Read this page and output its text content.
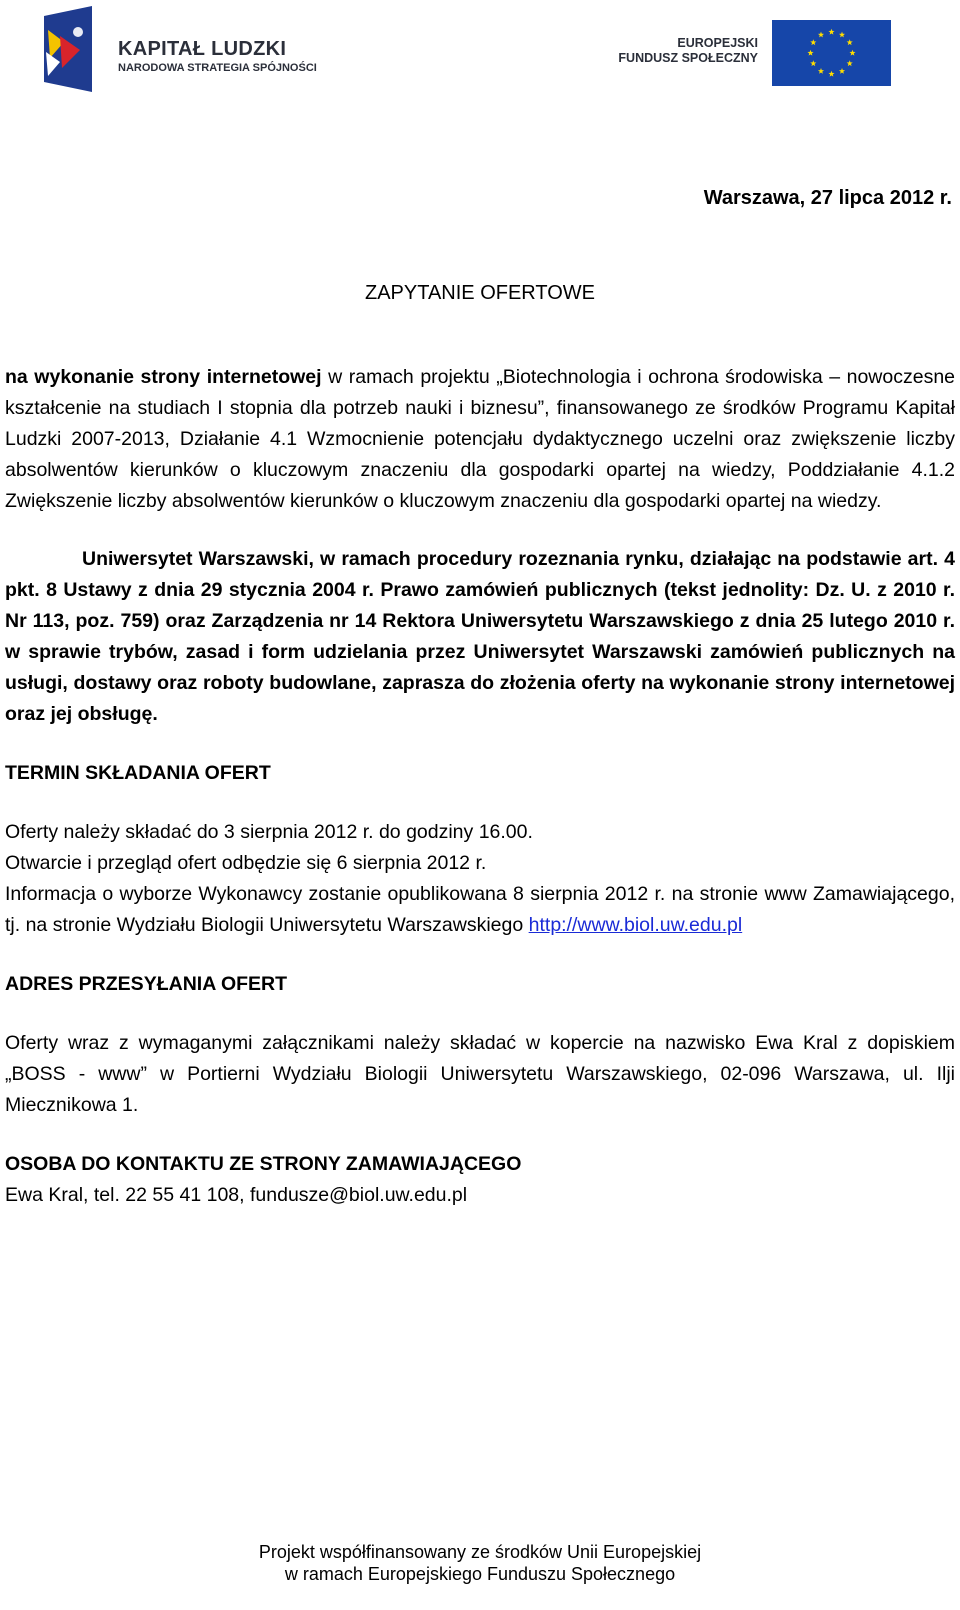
KAPITAŁ LUDZKI
NARODOWA STRATEGIA SPÓJNOŚCI
EUROPEJSKI
FUNDUSZ SPOŁECZNY
Warszawa, 27 lipca 2012 r.
ZAPYTANIE OFERTOWE

na wykonanie strony internetowej w ramach projektu „Biotechnologia i ochrona środowiska – nowoczesne kształcenie na studiach I stopnia dla potrzeb nauki i biznesu”, finansowanego ze środków Programu Kapitał Ludzki 2007-2013, Działanie 4.1 Wzmocnienie potencjału dydaktycznego uczelni oraz zwiększenie liczby absolwentów kierunków o kluczowym znaczeniu dla gospodarki opartej na wiedzy, Poddziałanie 4.1.2 Zwiększenie liczby absolwentów kierunków o kluczowym znaczeniu dla gospodarki opartej na wiedzy.

Uniwersytet Warszawski, w ramach procedury rozeznania rynku, działając na podstawie art. 4 pkt. 8 Ustawy z dnia 29 stycznia 2004 r. Prawo zamówień publicznych (tekst jednolity: Dz. U. z 2010 r. Nr 113, poz. 759) oraz Zarządzenia nr 14 Rektora Uniwersytetu Warszawskiego z dnia 25 lutego 2010 r. w sprawie trybów, zasad i form udzielania przez Uniwersytet Warszawski zamówień publicznych na usługi, dostawy oraz roboty budowlane, zaprasza do złożenia oferty na wykonanie strony internetowej oraz jej obsługę.

TERMIN SKŁADANIA OFERT

Oferty należy składać do 3 sierpnia 2012 r. do godziny 16.00.

Otwarcie i przegląd ofert odbędzie się 6 sierpnia 2012 r.

Informacja o wyborze Wykonawcy zostanie opublikowana 8 sierpnia 2012 r. na stronie www Zamawiającego, tj. na stronie Wydziału Biologii Uniwersytetu Warszawskiego http://www.biol.uw.edu.pl

ADRES PRZESYŁANIA OFERT

Oferty wraz z wymaganymi załącznikami należy składać w kopercie na nazwisko Ewa Kral z dopiskiem „BOSS - www” w Portierni Wydziału Biologii Uniwersytetu Warszawskiego, 02-096 Warszawa, ul. Ilji Miecznikowa 1.

OSOBA DO KONTAKTU ZE STRONY ZAMAWIAJĄCEGO

Ewa Kral, tel. 22 55 41 108, fundusze@biol.uw.edu.pl

Projekt współfinansowany ze środków Unii Europejskiej
w ramach Europejskiego Funduszu Społecznego
